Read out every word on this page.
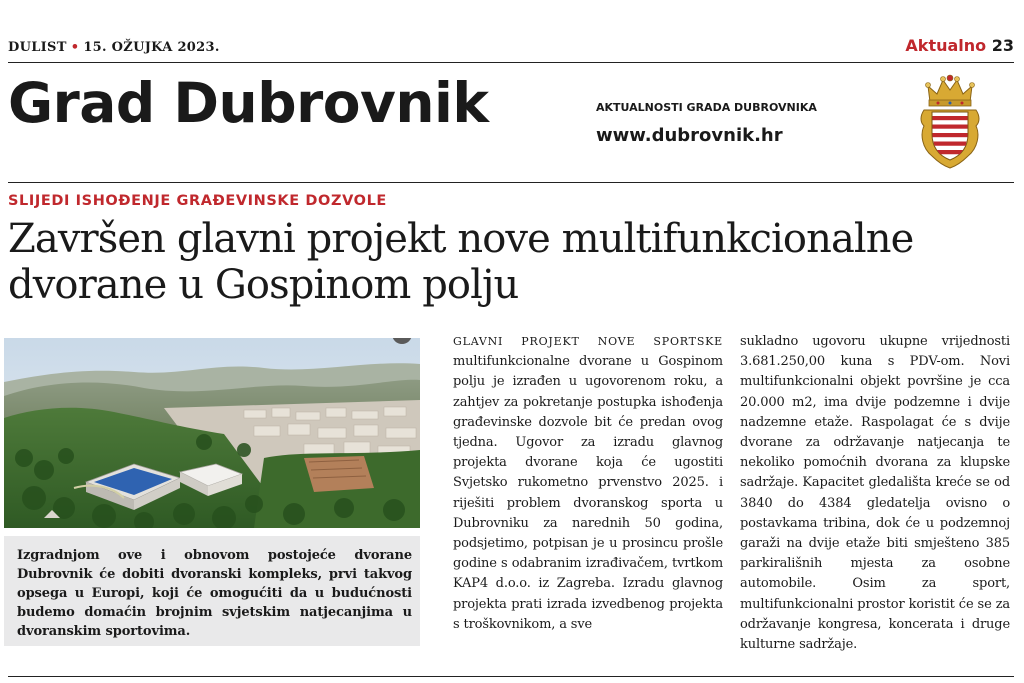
DULIST • 15. OŽUJKA 2023.	Aktualno 23
Grad Dubrovnik	AKTUALNOSTI GRADA DUBROVNIKA
www.dubrovnik.hr
SLIJEDI ISHOĐENJE GRAĐEVINSKE DOZVOLE
Završen glavni projekt nove multifunkcionalne dvorane u Gospinom polju
Izgradnjom ove i obnovom postojeće dvorane Dubrovnik će dobiti dvoranski kompleks, prvi takvog opsega u Europi, koji će omogućiti da u budućnosti budemo domaćin brojnim svjetskim natjecanjima u dvoranskim sportovima.

GLAVNI PROJEKT NOVE SPORTSKE multifunkcionalne dvorane u Gospinom polju je izrađen u ugovorenom roku, a zahtjev za pokretanje postupka ishođenja građevinske dozvole bit će predan ovog tjedna. Ugovor za izradu glavnog projekta dvorane koja će ugostiti Svjetsko rukometno prvenstvo 2025. i riješiti problem dvoranskog sporta u Dubrovniku za narednih 50 godina, podsjetimo, potpisan je u prosincu prošle godine s odabranim izrađivačem, tvrtkom KAP4 d.o.o. iz Zagreba. Izradu glavnog projekta prati izrada izvedbenog projekta s troškovnikom, a sve

sukladno ugovoru ukupne vrijednosti 3.681.250,00 kuna s PDV-om. Novi multifunkcionalni objekt površine je cca 20.000 m2, ima dvije podzemne i dvije nadzemne etaže. Raspolagat će s dvije dvorane za održavanje natjecanja te nekoliko pomoćnih dvorana za klupske sadržaje. Kapacitet gledališta kreće se od 3840 do 4384 gledatelja ovisno o postavkama tribina, dok će u podzemnoj garaži na dvije etaže biti smješteno 385 parkirališnih mjesta za osobne automobile. Osim za sport, multifunkcionalni prostor koristit će se za održavanje kongresa, koncerata i druge kulturne sadržaje.
